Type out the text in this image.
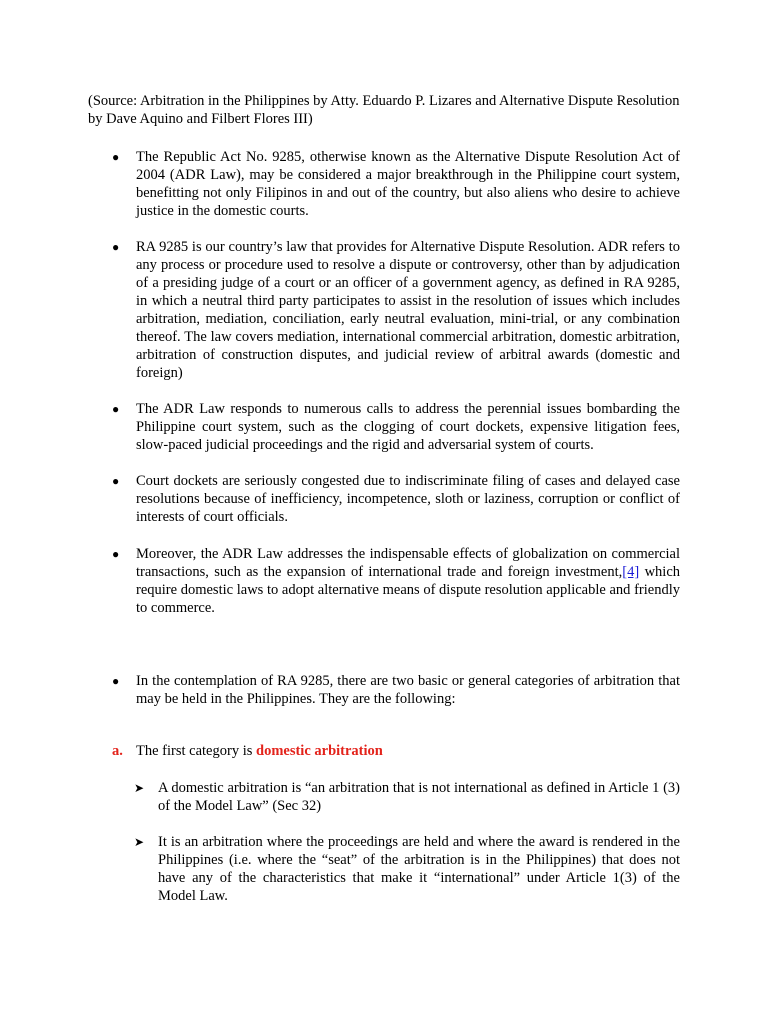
(Source: Arbitration in the Philippines by Atty. Eduardo P. Lizares and Alternative Dispute Resolution by Dave Aquino and Filbert Flores III)
● The Republic Act No. 9285, otherwise known as the Alternative Dispute Resolution Act of 2004 (ADR Law), may be considered a major breakthrough in the Philippine court system, benefitting not only Filipinos in and out of the country, but also aliens who desire to achieve justice in the domestic courts.
● RA 9285 is our country’s law that provides for Alternative Dispute Resolution. ADR refers to any process or procedure used to resolve a dispute or controversy, other than by adjudication of a presiding judge of a court or an officer of a government agency, as defined in RA 9285, in which a neutral third party participates to assist in the resolution of issues which includes arbitration, mediation, conciliation, early neutral evaluation, mini-trial, or any combination thereof. The law covers mediation, international commercial arbitration, domestic arbitration, arbitration of construction disputes, and judicial review of arbitral awards (domestic and foreign)
● The ADR Law responds to numerous calls to address the perennial issues bombarding the Philippine court system, such as the clogging of court dockets, expensive litigation fees, slow-paced judicial proceedings and the rigid and adversarial system of courts.
● Court dockets are seriously congested due to indiscriminate filing of cases and delayed case resolutions because of inefficiency, incompetence, sloth or laziness, corruption or conflict of interests of court officials.
● Moreover, the ADR Law addresses the indispensable effects of globalization on commercial transactions, such as the expansion of international trade and foreign investment,[4] which require domestic laws to adopt alternative means of dispute resolution applicable and friendly to commerce.
● In the contemplation of RA 9285, there are two basic or general categories of arbitration that may be held in the Philippines. They are the following:
a. The first category is domestic arbitration
➤ A domestic arbitration is “an arbitration that is not international as defined in Article 1 (3) of the Model Law” (Sec 32)
➤ It is an arbitration where the proceedings are held and where the award is rendered in the Philippines (i.e. where the “seat” of the arbitration is in the Philippines) that does not have any of the characteristics that make it “international” under Article 1(3) of the Model Law.
